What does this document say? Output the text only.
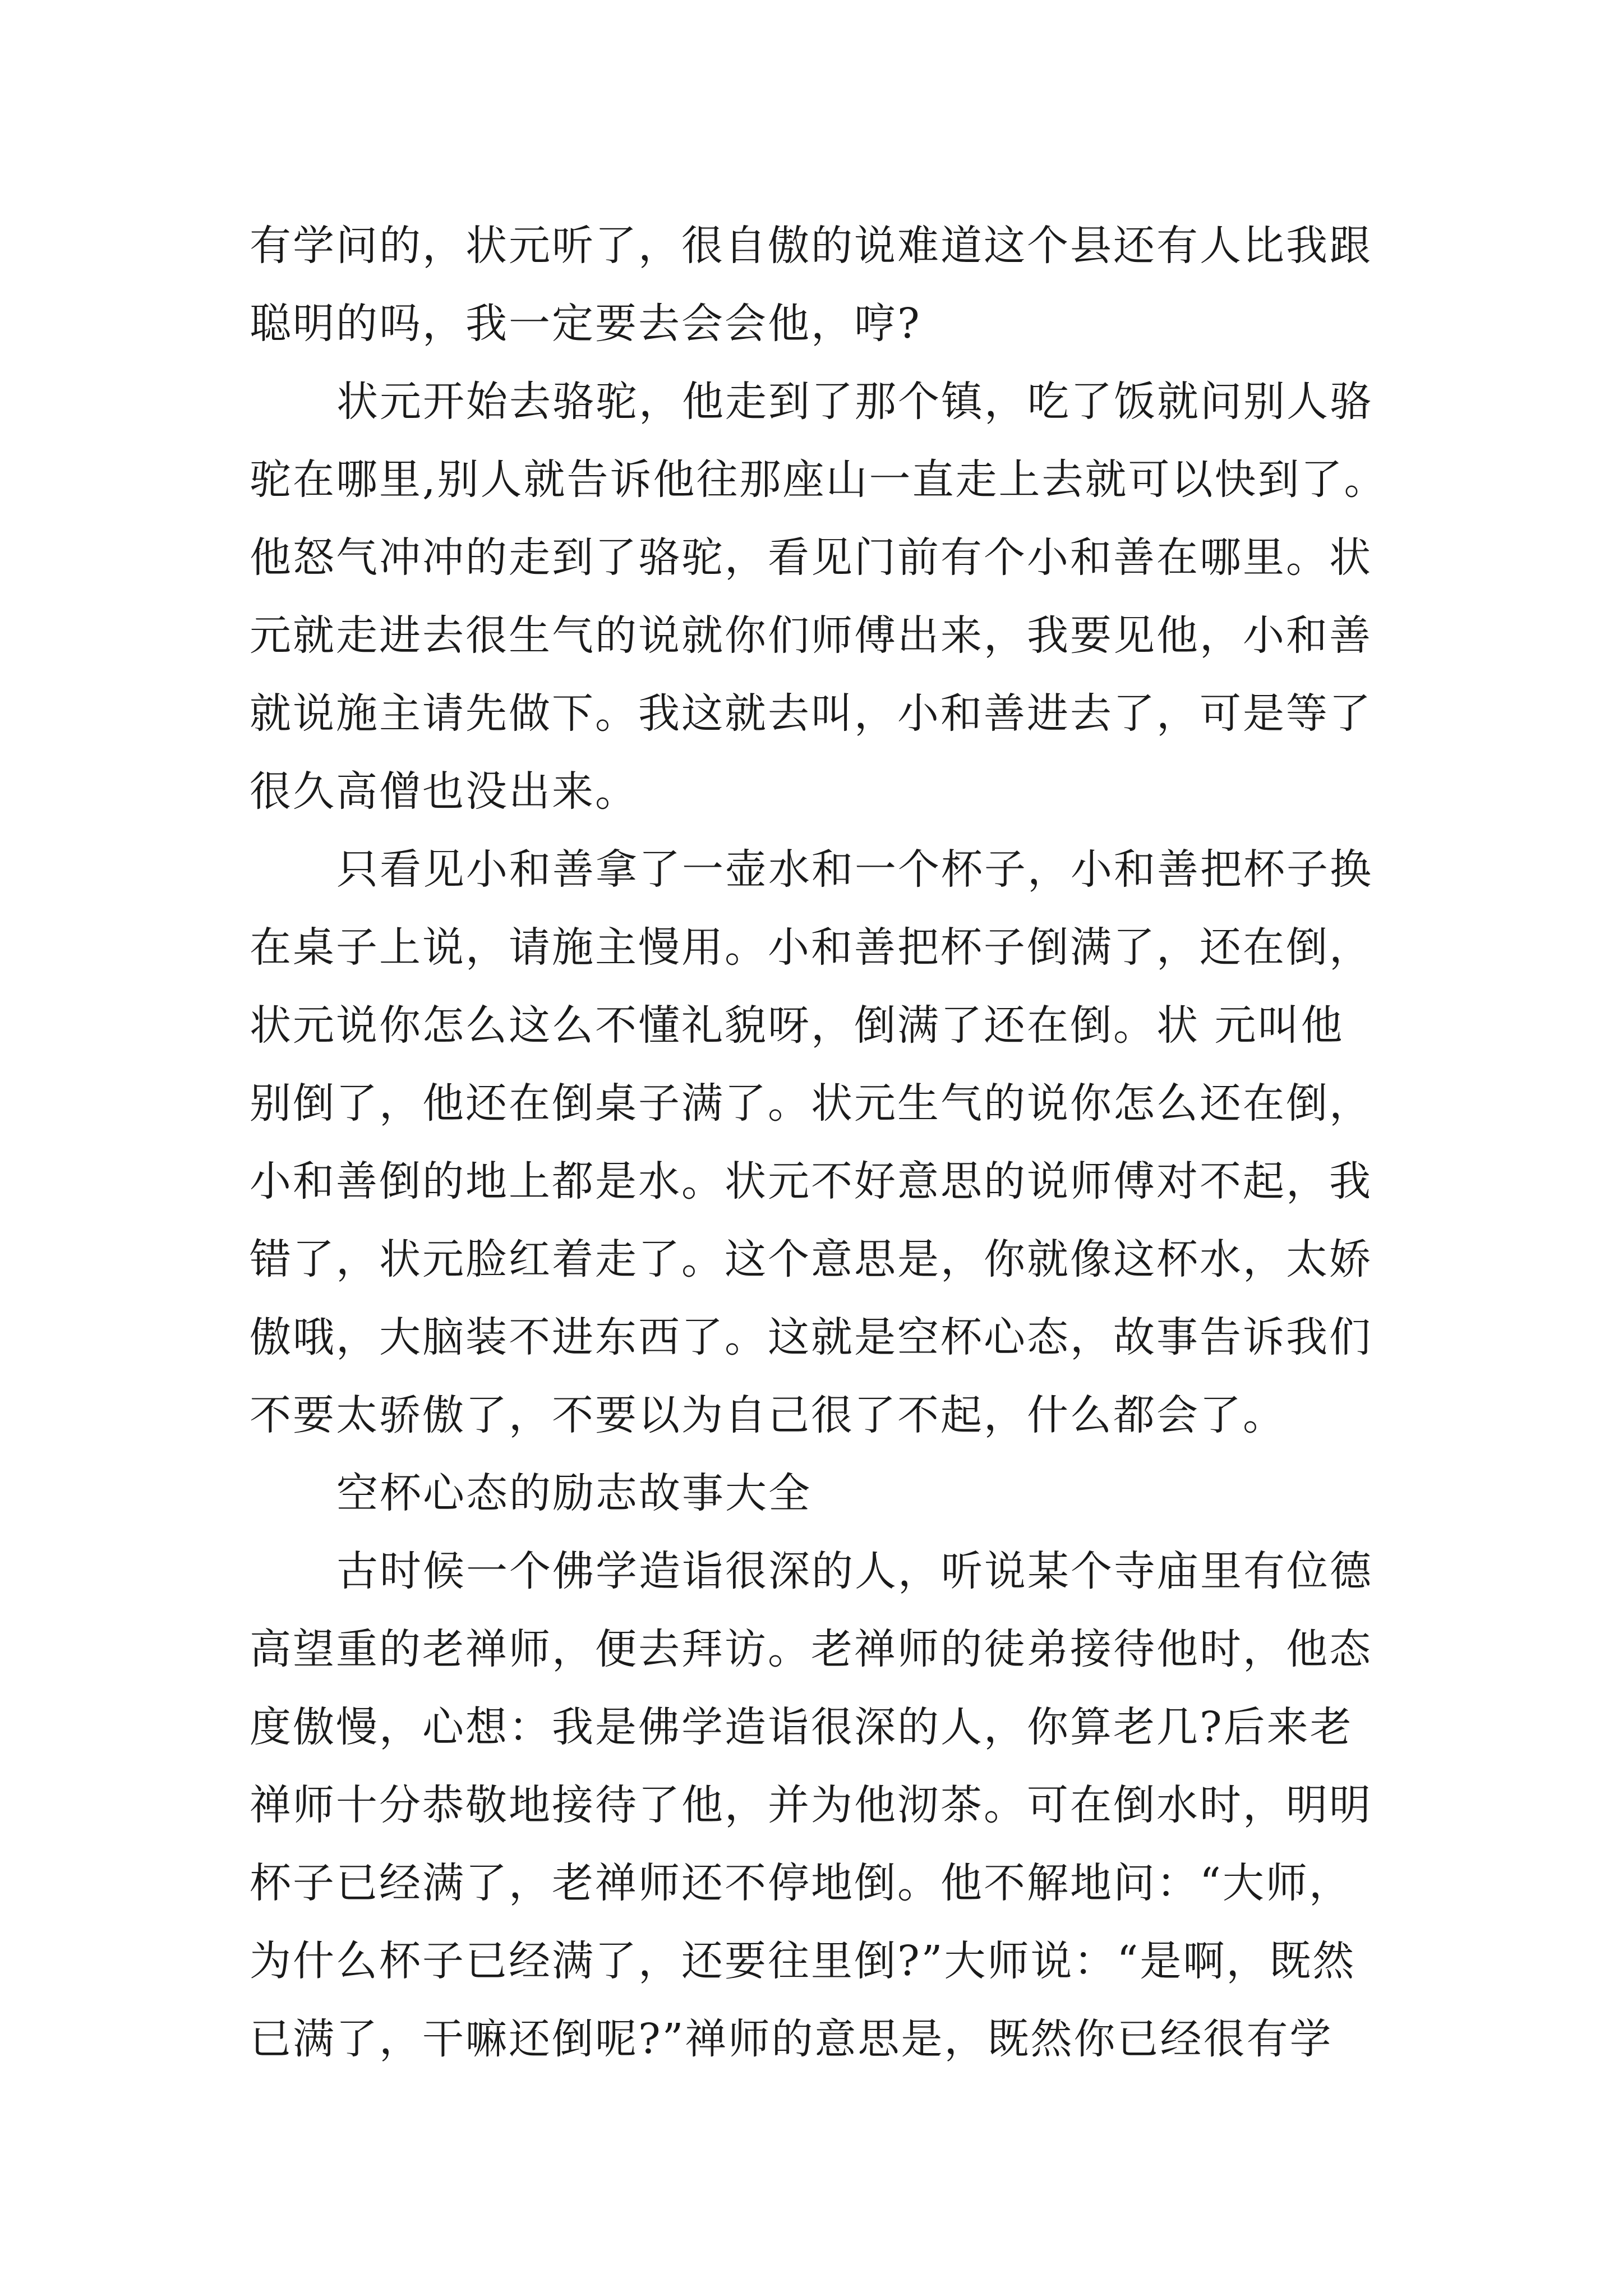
有学问的，状元听了，很自傲的说难道这个县还有人比我跟
聪明的吗，我一定要去会会他，哼?
状元开始去骆驼，他走到了那个镇，吃了饭就问别人骆
驼在哪里,别人就告诉他往那座山一直走上去就可以快到了。
他怒气冲冲的走到了骆驼，看见门前有个小和善在哪里。状
元就走进去很生气的说就你们师傅出来，我要见他，小和善
就说施主请先做下。我这就去叫，小和善进去了，可是等了
很久高僧也没出来。
只看见小和善拿了一壶水和一个杯子，小和善把杯子换
在桌子上说，请施主慢用。小和善把杯子倒满了，还在倒，
状元说你怎么这么不懂礼貌呀，倒满了还在倒。状 元叫他
别倒了，他还在倒桌子满了。状元生气的说你怎么还在倒，
小和善倒的地上都是水。状元不好意思的说师傅对不起，我
错了，状元脸红着走了。这个意思是，你就像这杯水，太娇
傲哦，大脑装不进东西了。这就是空杯心态，故事告诉我们
不要太骄傲了，不要以为自己很了不起，什么都会了。
空杯心态的励志故事大全
古时候一个佛学造诣很深的人，听说某个寺庙里有位德
高望重的老禅师，便去拜访。老禅师的徒弟接待他时，他态
度傲慢，心想：我是佛学造诣很深的人，你算老几?后来老
禅师十分恭敬地接待了他，并为他沏茶。可在倒水时，明明
杯子已经满了，老禅师还不停地倒。他不解地问：“大师，
为什么杯子已经满了，还要往里倒?”大师说：“是啊，既然
已满了，干嘛还倒呢?”禅师的意思是，既然你已经很有学
